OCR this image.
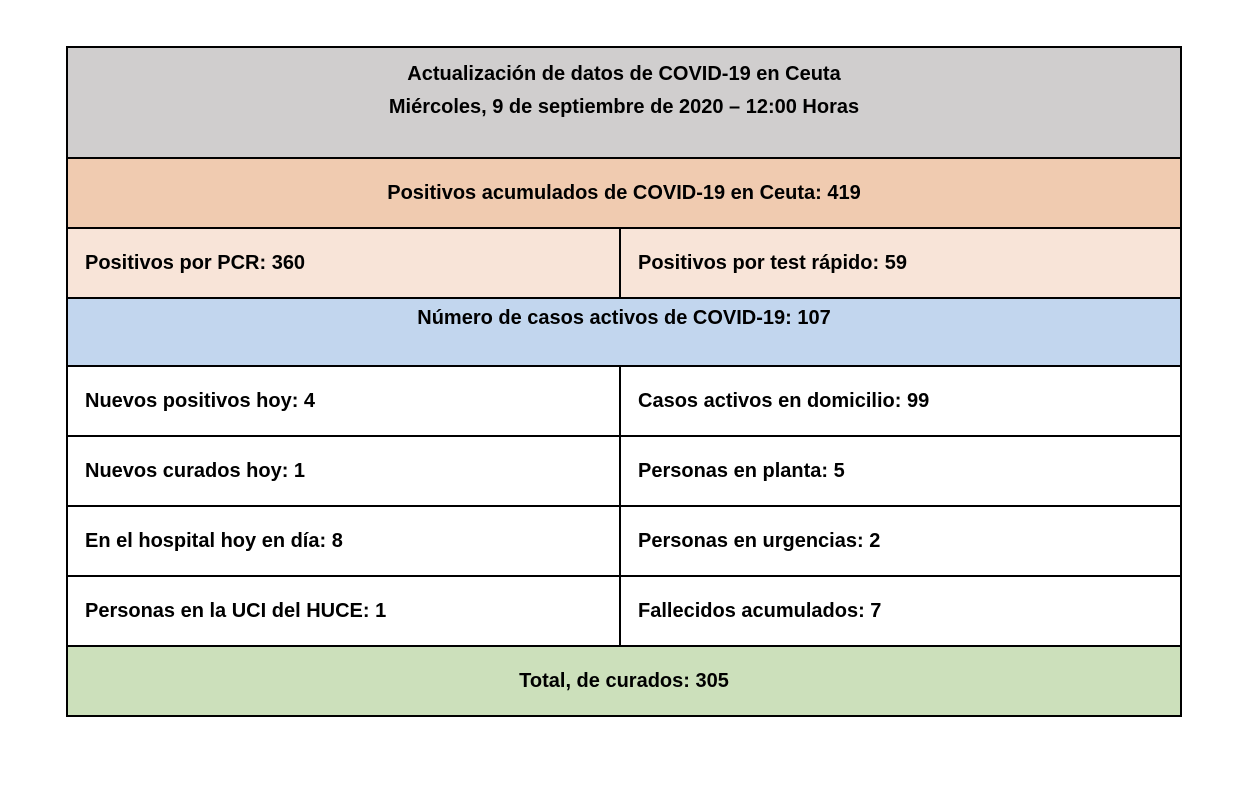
Actualización de datos de COVID-19 en Ceuta
Miércoles, 9 de septiembre de 2020 – 12:00 Horas	

Positivos acumulados de COVID-19 en Ceuta: 419	
Positivos por PCR: 360	Positivos por test rápido: 59
Número de casos activos de COVID-19: 107	
Nuevos positivos hoy: 4	Casos activos en domicilio: 99
Nuevos curados hoy: 1	Personas en planta: 5
En el hospital hoy en día: 8	Personas en urgencias: 2
Personas en la UCI del HUCE: 1	Fallecidos acumulados: 7
Total, de curados: 305	
